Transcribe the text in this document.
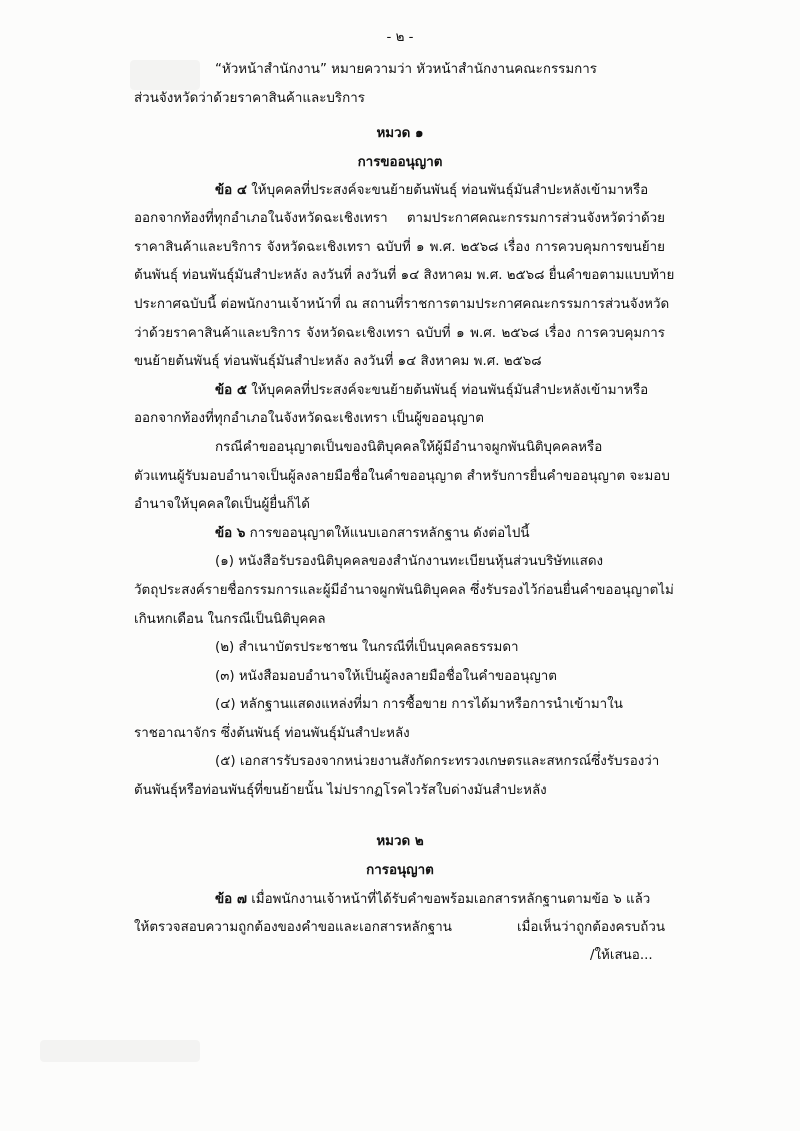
- ๒ -
“หัวหน้าสำนักงาน” หมายความว่า หัวหน้าสำนักงานคณะกรรมการ
ส่วนจังหวัดว่าด้วยราคาสินค้าและบริการ
หมวด ๑
การขออนุญาต
ข้อ ๔ ให้บุคคลที่ประสงค์จะขนย้ายต้นพันธุ์ ท่อนพันธุ์มันสำปะหลังเข้ามาหรือ
ออกจากท้องที่ทุกอำเภอในจังหวัดฉะเชิงเทรา ตามประกาศคณะกรรมการส่วนจังหวัดว่าด้วย
ราคาสินค้าและบริการ จังหวัดฉะเชิงเทรา ฉบับที่ ๑ พ.ศ. ๒๕๖๘ เรื่อง การควบคุมการขนย้าย
ต้นพันธุ์ ท่อนพันธุ์มันสำปะหลัง ลงวันที่ ลงวันที่ ๑๔ สิงหาคม พ.ศ. ๒๕๖๘ ยื่นคำขอตามแบบท้าย
ประกาศฉบับนี้ ต่อพนักงานเจ้าหน้าที่ ณ สถานที่ราชการตามประกาศคณะกรรมการส่วนจังหวัด
ว่าด้วยราคาสินค้าและบริการ จังหวัดฉะเชิงเทรา ฉบับที่ ๑ พ.ศ. ๒๕๖๘ เรื่อง การควบคุมการ
ขนย้ายต้นพันธุ์ ท่อนพันธุ์มันสำปะหลัง ลงวันที่ ๑๔ สิงหาคม พ.ศ. ๒๕๖๘
ข้อ ๕ ให้บุคคลที่ประสงค์จะขนย้ายต้นพันธุ์ ท่อนพันธุ์มันสำปะหลังเข้ามาหรือ
ออกจากท้องที่ทุกอำเภอในจังหวัดฉะเชิงเทรา เป็นผู้ขออนุญาต
กรณีคำขออนุญาตเป็นของนิติบุคคลให้ผู้มีอำนาจผูกพันนิติบุคคลหรือ
ตัวแทนผู้รับมอบอำนาจเป็นผู้ลงลายมือชื่อในคำขออนุญาต สำหรับการยื่นคำขออนุญาต จะมอบ
อำนาจให้บุคคลใดเป็นผู้ยื่นก็ได้
ข้อ ๖ การขออนุญาตให้แนบเอกสารหลักฐาน ดังต่อไปนี้
(๑) หนังสือรับรองนิติบุคคลของสำนักงานทะเบียนหุ้นส่วนบริษัทแสดง
วัตถุประสงค์รายชื่อกรรมการและผู้มีอำนาจผูกพันนิติบุคคล ซึ่งรับรองไว้ก่อนยื่นคำขออนุญาตไม่
เกินหกเดือน ในกรณีเป็นนิติบุคคล
(๒) สำเนาบัตรประชาชน ในกรณีที่เป็นบุคคลธรรมดา
(๓) หนังสือมอบอำนาจให้เป็นผู้ลงลายมือชื่อในคำขออนุญาต
(๔) หลักฐานแสดงแหล่งที่มา การซื้อขาย การได้มาหรือการนำเข้ามาใน
ราชอาณาจักร ซึ่งต้นพันธุ์ ท่อนพันธุ์มันสำปะหลัง
(๕) เอกสารรับรองจากหน่วยงานสังกัดกระทรวงเกษตรและสหกรณ์ซึ่งรับรองว่า
ต้นพันธุ์หรือท่อนพันธุ์ที่ขนย้ายนั้น ไม่ปรากฏโรคไวรัสใบด่างมันสำปะหลัง
หมวด ๒
การอนุญาต
ข้อ ๗ เมื่อพนักงานเจ้าหน้าที่ได้รับคำขอพร้อมเอกสารหลักฐานตามข้อ ๖ แล้ว
ให้ตรวจสอบความถูกต้องของคำขอและเอกสารหลักฐาน เมื่อเห็นว่าถูกต้องครบถ้วน
/ให้เสนอ...
